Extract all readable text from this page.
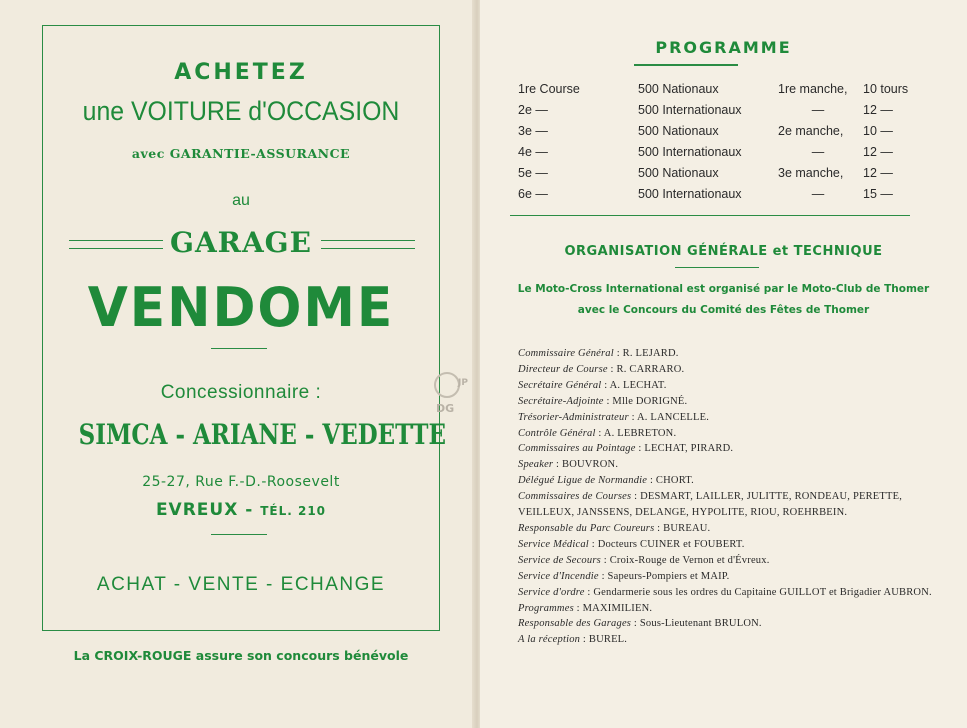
ACHETEZ
une VOITURE d'OCCASION
avec GARANTIE-ASSURANCE
au
GARAGE
VENDOME
Concessionnaire :
SIMCA - ARIANE - VEDETTE
25-27, Rue F.-D.-Roosevelt
EVREUX - TÉL. 210
ACHAT - VENTE - ECHANGE
La CROIX-ROUGE assure son concours bénévole
PROGRAMME
1re Course	500 Nationaux	1re manche,	10 tours
2e —	500 Internationaux	—	12 —
3e —	500 Nationaux	2e manche,	10 —
4e —	500 Internationaux	—	12 —
5e —	500 Nationaux	3e manche,	12 —
6e —	500 Internationaux	—	15 —
ORGANISATION GÉNÉRALE et TECHNIQUE
Le Moto-Cross International est organisé par le Moto-Club de Thomer
avec le Concours du Comité des Fêtes de Thomer
Commissaire Général : R. LEJARD.
Directeur de Course : R. CARRARO.
Secrétaire Général : A. LECHAT.
Secrétaire-Adjointe : Mlle DORIGNÉ.
Trésorier-Administrateur : A. LANCELLE.
Contrôle Général : A. LEBRETON.
Commissaires au Pointage : LECHAT, PIRARD.
Speaker : BOUVRON.
Délégué Ligue de Normandie : CHORT.
Commissaires de Courses : DESMART, LAILLER, JULITTE, RONDEAU, PERETTE, VEILLEUX, JANSSENS, DELANGE, HYPOLITE, RIOU, ROEHRBEIN.
Responsable du Parc Coureurs : BUREAU.
Service Médical : Docteurs CUINER et FOUBERT.
Service de Secours : Croix-Rouge de Vernon et d'Évreux.
Service d'Incendie : Sapeurs-Pompiers et MAIP.
Service d'ordre : Gendarmerie sous les ordres du Capitaine GUILLOT et Brigadier AUBRON.
Programmes : MAXIMILIEN.
Responsable des Garages : Sous-Lieutenant BRULON.
A la réception : BUREL.
JP
DG
